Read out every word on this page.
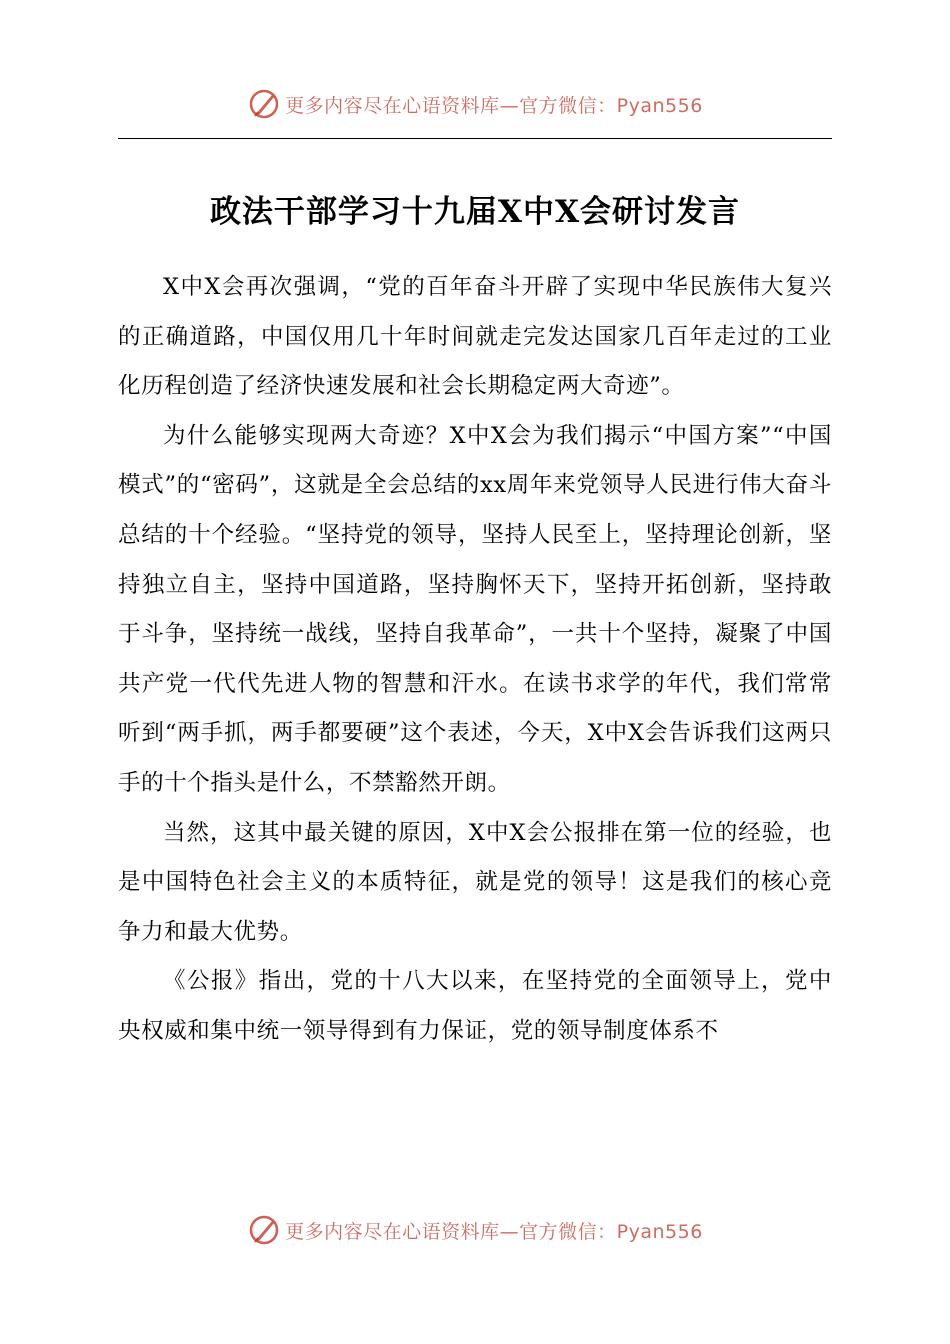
更多内容尽在心语资料库—官方微信：Pyan556
政法干部学习十九届X中X会研讨发言

X中X会再次强调，“党的百年奋斗开辟了实现中华民族伟大复兴的正确道路，中国仅用几十年时间就走完发达国家几百年走过的工业化历程创造了经济快速发展和社会长期稳定两大奇迹”。

为什么能够实现两大奇迹？X中X会为我们揭示“中国方案”“中国模式”的“密码”，这就是全会总结的xx周年来党领导人民进行伟大奋斗总结的十个经验。“坚持党的领导，坚持人民至上，坚持理论创新，坚持独立自主，坚持中国道路，坚持胸怀天下，坚持开拓创新，坚持敢于斗争，坚持统一战线，坚持自我革命”，一共十个坚持，凝聚了中国共产党一代代先进人物的智慧和汗水。在读书求学的年代，我们常常听到“两手抓，两手都要硬”这个表述，今天，X中X会告诉我们这两只手的十个指头是什么，不禁豁然开朗。

当然，这其中最关键的原因，X中X会公报排在第一位的经验，也是中国特色社会主义的本质特征，就是党的领导！这是我们的核心竞争力和最大优势。

《公报》指出，党的十八大以来，在坚持党的全面领导上，党中央权威和集中统一领导得到有力保证，党的领导制度体系不

更多内容尽在心语资料库—官方微信：Pyan556
